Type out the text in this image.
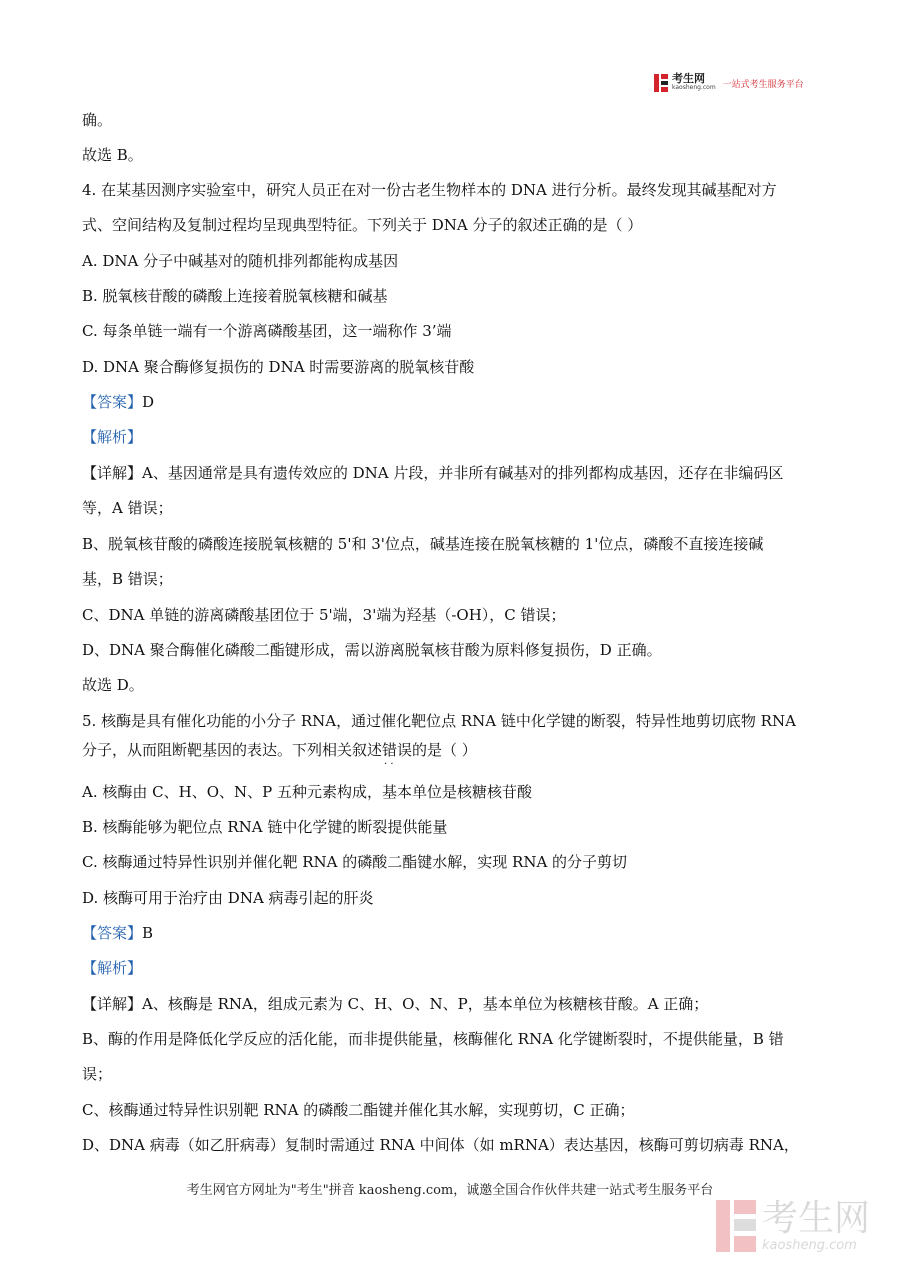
考生网
kaosheng.com 一站式考生服务平台
确。
故选 B。
4. 在某基因测序实验室中，研究人员正在对一份古老生物样本的 DNA 进行分析。最终发现其碱基配对方
式、空间结构及复制过程均呈现典型特征。下列关于 DNA 分子的叙述正确的是（ ）
A. DNA 分子中碱基对的随机排列都能构成基因
B. 脱氧核苷酸的磷酸上连接着脱氧核糖和碱基
C. 每条单链一端有一个游离磷酸基团，这一端称作 3’端
D. DNA 聚合酶修复损伤的 DNA 时需要游离的脱氧核苷酸
【答案】D
【解析】
【详解】A、基因通常是具有遗传效应的 DNA 片段，并非所有碱基对的排列都构成基因，还存在非编码区
等，A 错误；
B、脱氧核苷酸的磷酸连接脱氧核糖的 5'和 3'位点，碱基连接在脱氧核糖的 1'位点，磷酸不直接连接碱
基，B 错误；
C、DNA 单链的游离磷酸基团位于 5'端，3'端为羟基（-OH），C 错误；
D、DNA 聚合酶催化磷酸二酯键形成，需以游离脱氧核苷酸为原料修复损伤，D 正确。
故选 D。
5. 核酶是具有催化功能的小分子 RNA，通过催化靶位点 RNA 链中化学键的断裂，特异性地剪切底物 RNA
分子，从而阻断靶基因的表达。下列相关叙述错误 · ·的是（ ）
A. 核酶由 C、H、O、N、P 五种元素构成，基本单位是核糖核苷酸
B. 核酶能够为靶位点 RNA 链中化学键的断裂提供能量
C. 核酶通过特异性识别并催化靶 RNA 的磷酸二酯键水解，实现 RNA 的分子剪切
D. 核酶可用于治疗由 DNA 病毒引起的肝炎
【答案】B
【解析】
【详解】A、核酶是 RNA，组成元素为 C、H、O、N、P，基本单位为核糖核苷酸。A 正确；
B、酶的作用是降低化学反应的活化能，而非提供能量，核酶催化 RNA 化学键断裂时，不提供能量，B 错
误；
C、核酶通过特异性识别靶 RNA 的磷酸二酯键并催化其水解，实现剪切，C 正确；
D、DNA 病毒（如乙肝病毒）复制时需通过 RNA 中间体（如 mRNA）表达基因，核酶可剪切病毒 RNA，
考生网官方网址为"考生"拼音 kaosheng.com，诚邀全国合作伙伴共建一站式考生服务平台
考生网
kaosheng.com
